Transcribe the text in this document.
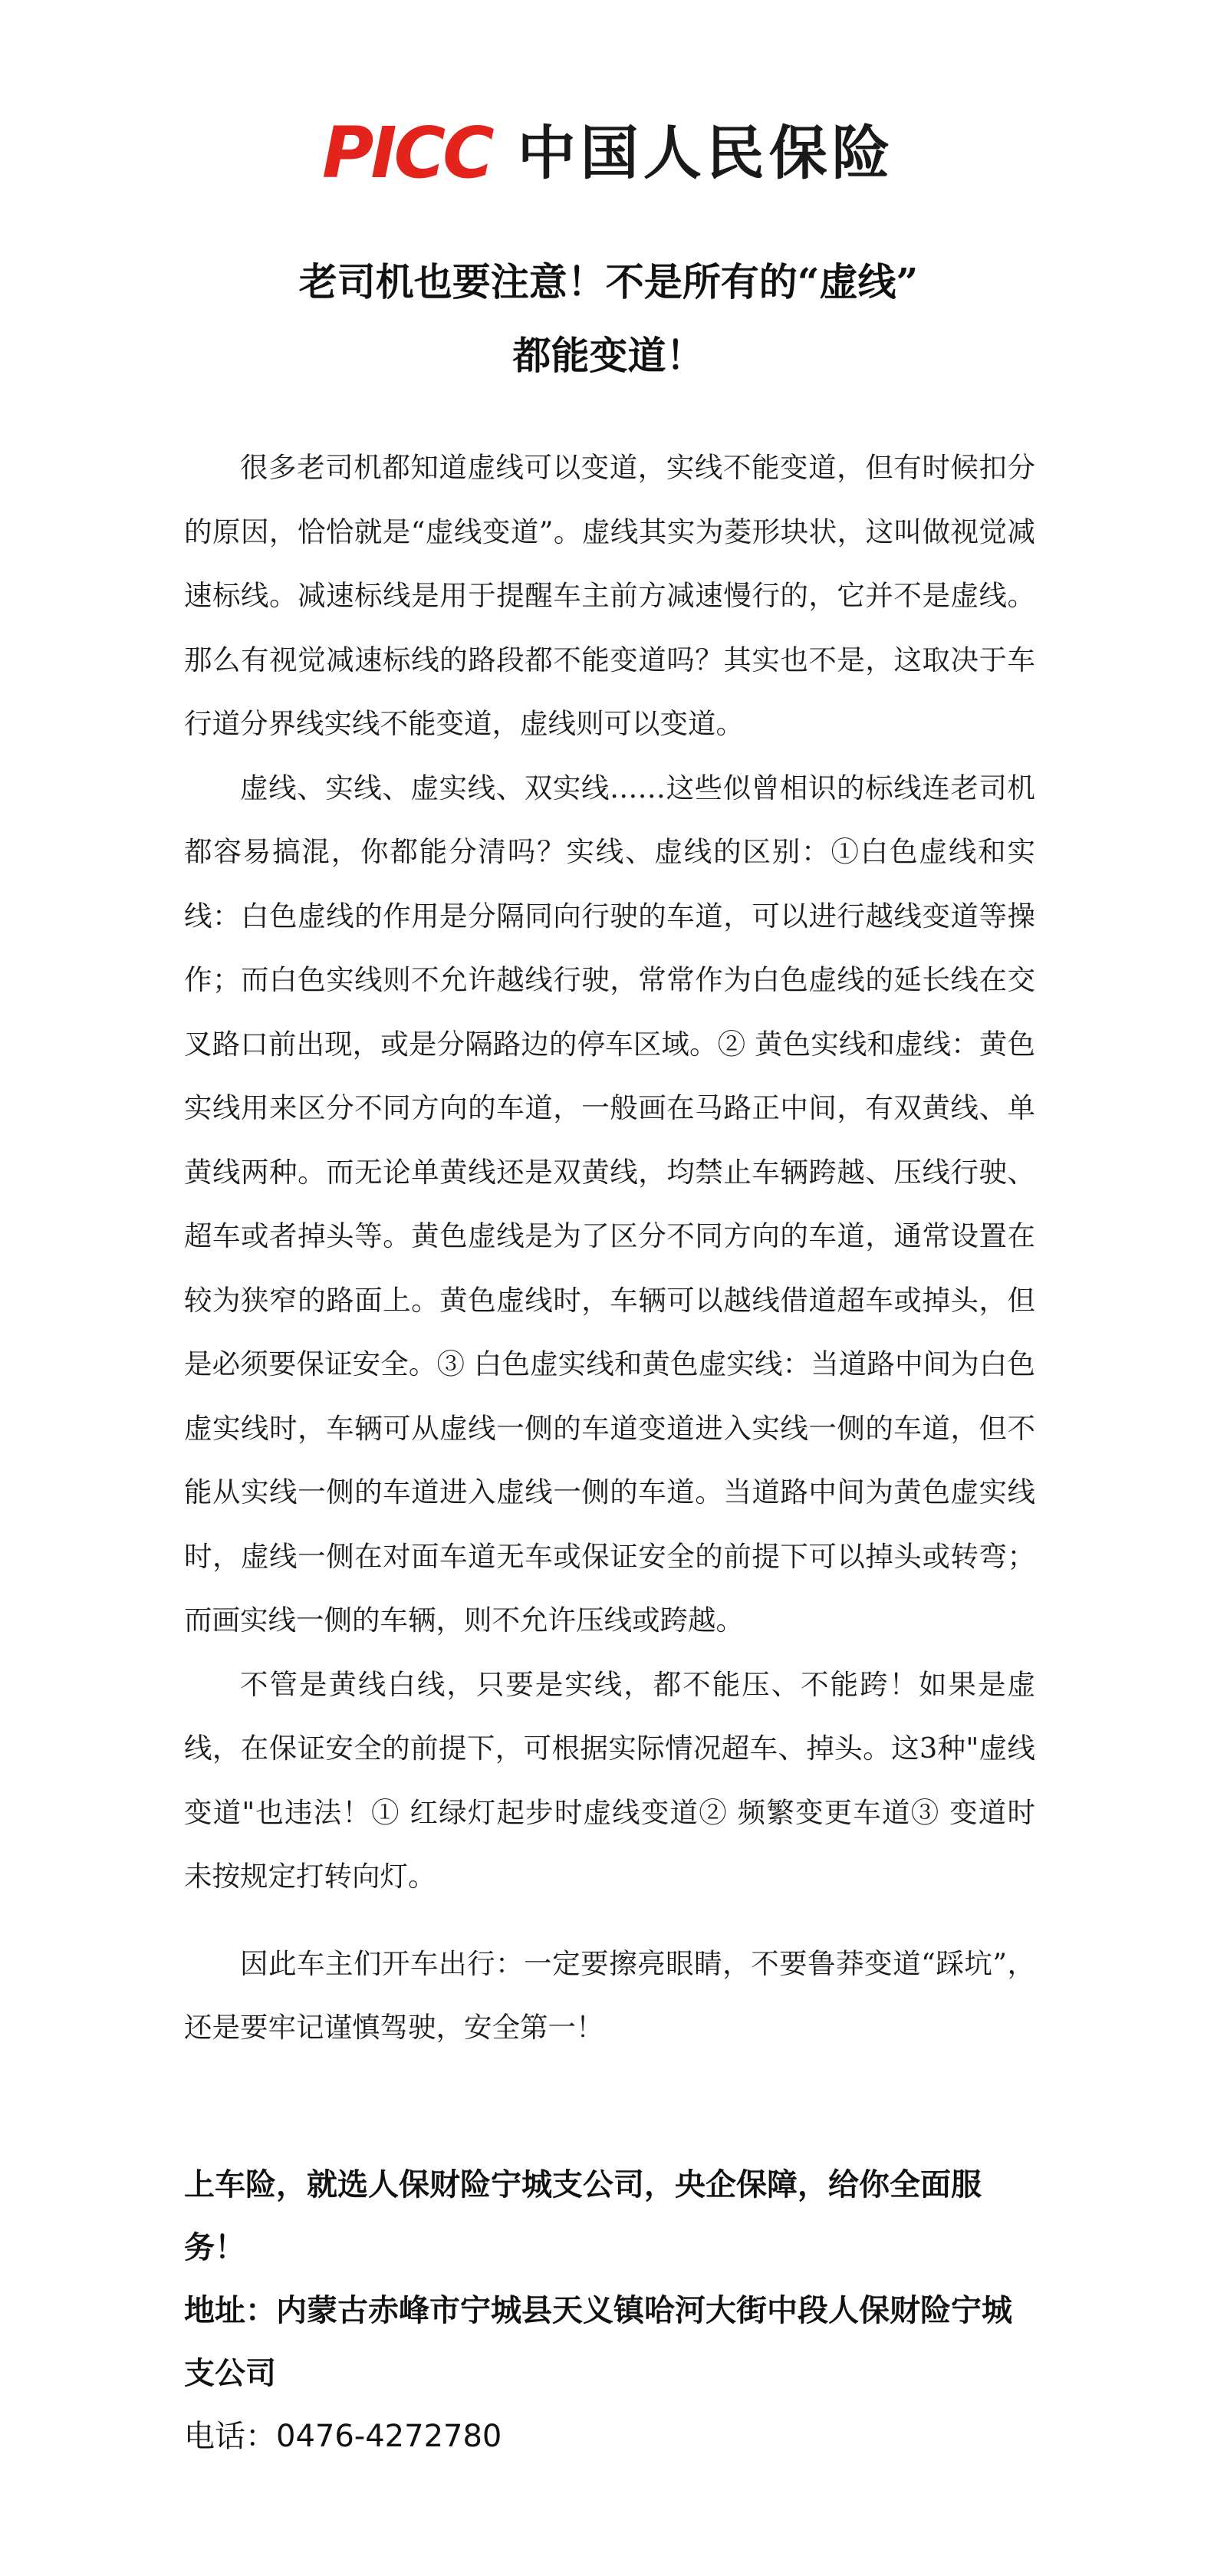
PICC 中国人民保险
老司机也要注意！不是所有的“虚线”
都能变道！

很多老司机都知道虚线可以变道，实线不能变道，但有时候扣分的原因，恰恰就是“虚线变道”。虚线其实为菱形块状，这叫做视觉减速标线。减速标线是用于提醒车主前方减速慢行的，它并不是虚线。那么有视觉减速标线的路段都不能变道吗？其实也不是，这取决于车行道分界线实线不能变道，虚线则可以变道。

虚线、实线、虚实线、双实线……这些似曾相识的标线连老司机都容易搞混，你都能分清吗？实线、虚线的区别：①白色虚线和实线：白色虚线的作用是分隔同向行驶的车道，可以进行越线变道等操作；而白色实线则不允许越线行驶，常常作为白色虚线的延长线在交叉路口前出现，或是分隔路边的停车区域。② 黄色实线和虚线：黄色实线用来区分不同方向的车道，一般画在马路正中间，有双黄线、单黄线两种。而无论单黄线还是双黄线，均禁止车辆跨越、压线行驶、超车或者掉头等。黄色虚线是为了区分不同方向的车道，通常设置在较为狭窄的路面上。黄色虚线时，车辆可以越线借道超车或掉头，但是必须要保证安全。③ 白色虚实线和黄色虚实线：当道路中间为白色虚实线时，车辆可从虚线一侧的车道变道进入实线一侧的车道，但不能从实线一侧的车道进入虚线一侧的车道。当道路中间为黄色虚实线时，虚线一侧在对面车道无车或保证安全的前提下可以掉头或转弯；而画实线一侧的车辆，则不允许压线或跨越。

不管是黄线白线，只要是实线，都不能压、不能跨！如果是虚线，在保证安全的前提下，可根据实际情况超车、掉头。这3种"虚线变道"也违法！① 红绿灯起步时虚线变道② 频繁变更车道③ 变道时未按规定打转向灯。

因此车主们开车出行：一定要擦亮眼睛，不要鲁莽变道“踩坑”，还是要牢记谨慎驾驶，安全第一！

上车险，就选人保财险宁城支公司，央企保障，给你全面服务！

地址：内蒙古赤峰市宁城县天义镇哈河大街中段人保财险宁城支公司

电话：0476-4272780
